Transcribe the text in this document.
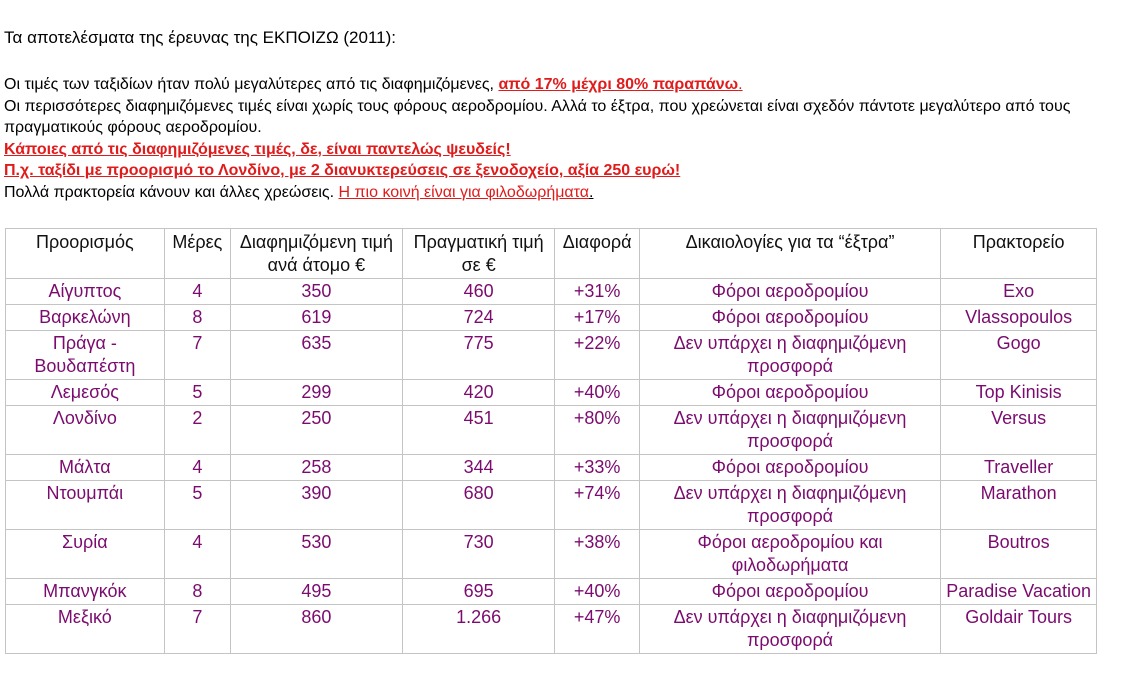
Τα αποτελέσματα της έρευνας της ΕΚΠΟΙΖΩ (2011):

Οι τιμές των ταξιδίων ήταν πολύ μεγαλύτερες από τις διαφημιζόμενες, από 17% μέχρι 80% παραπάνω.

Οι περισσότερες διαφημιζόμενες τιμές είναι χωρίς τους φόρους αεροδρομίου. Αλλά το έξτρα, που χρεώνεται είναι σχεδόν πάντοτε μεγαλύτερο από τους πραγματικούς φόρους αεροδρομίου.

Κάποιες από τις διαφημιζόμενες τιμές, δε, είναι παντελώς ψευδείς!

Π.χ. ταξίδι με προορισμό το Λονδίνο, με 2 διανυκτερεύσεις σε ξενοδοχείο, αξία 250 ευρώ!

Πολλά πρακτορεία κάνουν και άλλες χρεώσεις. Η πιο κοινή είναι για φιλοδωρήματα.

Προορισμός	Μέρες	Διαφημιζόμενη τιμή ανά άτομο €	Πραγματική τιμή σε €	Διαφορά	Δικαιολογίες για τα “έξτρα”	Πρακτορείο
Αίγυπτος	4	350	460	+31%	Φόροι αεροδρομίου	Exo
Βαρκελώνη	8	619	724	+17%	Φόροι αεροδρομίου	Vlassopoulos
Πράγα - Βουδαπέστη	7	635	775	+22%	Δεν υπάρχει η διαφημιζόμενη προσφορά	Gogo
Λεμεσός	5	299	420	+40%	Φόροι αεροδρομίου	Top Kinisis
Λονδίνο	2	250	451	+80%	Δεν υπάρχει η διαφημιζόμενη προσφορά	Versus
Μάλτα	4	258	344	+33%	Φόροι αεροδρομίου	Traveller
Ντουμπάι	5	390	680	+74%	Δεν υπάρχει η διαφημιζόμενη προσφορά	Marathon
Συρία	4	530	730	+38%	Φόροι αεροδρομίου και φιλοδωρήματα	Boutros
Μπανγκόκ	8	495	695	+40%	Φόροι αεροδρομίου	Paradise Vacation
Μεξικό	7	860	1.266	+47%	Δεν υπάρχει η διαφημιζόμενη προσφορά	Goldair Tours
